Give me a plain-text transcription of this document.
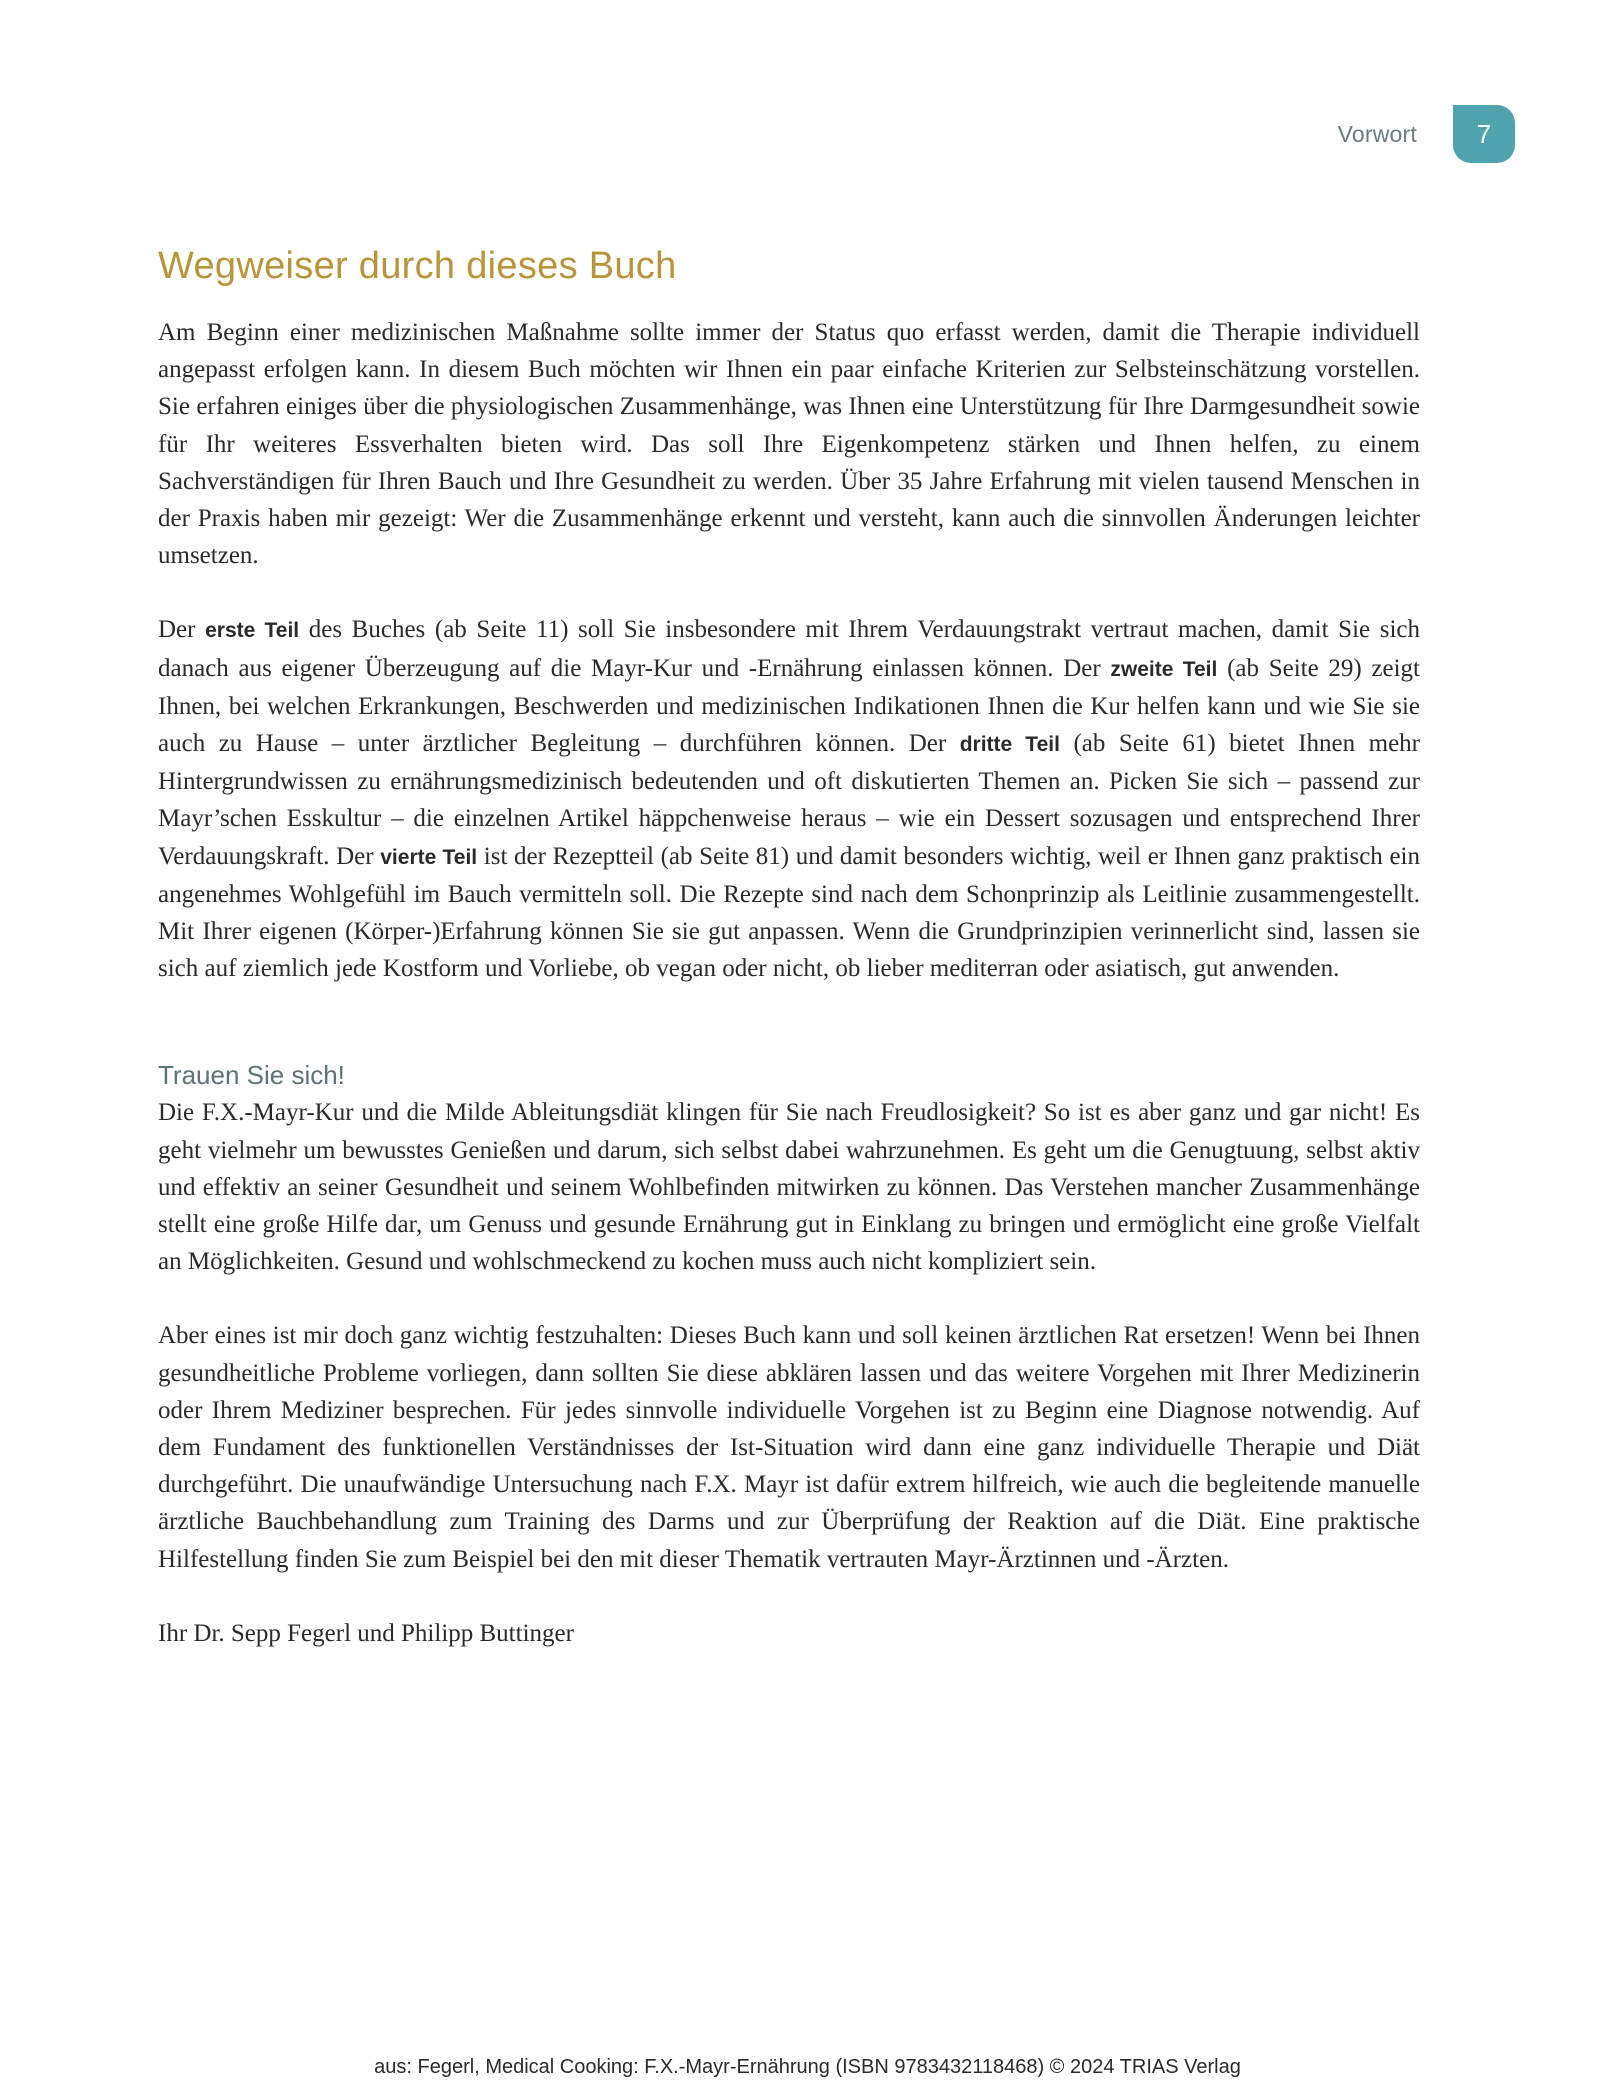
Vorwort	7
Wegweiser durch dieses Buch

Am Beginn einer medizinischen Maßnahme sollte immer der Status quo erfasst werden, damit die Therapie individuell angepasst erfolgen kann. In diesem Buch möchten wir Ihnen ein paar einfache Kriterien zur Selbsteinschätzung vorstellen. Sie erfahren einiges über die physiologischen Zusammenhänge, was Ihnen eine Unterstützung für Ihre Darmgesundheit sowie für Ihr weiteres Essverhalten bieten wird. Das soll Ihre Eigenkompetenz stärken und Ihnen helfen, zu einem Sachverständigen für Ihren Bauch und Ihre Gesundheit zu werden. Über 35 Jahre Erfahrung mit vielen tausend Menschen in der Praxis haben mir gezeigt: Wer die Zusammenhänge erkennt und versteht, kann auch die sinnvollen Änderungen leichter umsetzen.

Der erste Teil des Buches (ab Seite 11) soll Sie insbesondere mit Ihrem Verdauungstrakt vertraut machen, damit Sie sich danach aus eigener Überzeugung auf die Mayr-Kur und -Ernährung einlassen können. Der zweite Teil (ab Seite 29) zeigt Ihnen, bei welchen Erkrankungen, Beschwerden und medizinischen Indikationen Ihnen die Kur helfen kann und wie Sie sie auch zu Hause – unter ärztlicher Begleitung – durchführen können. Der dritte Teil (ab Seite 61) bietet Ihnen mehr Hintergrundwissen zu ernährungsmedizinisch bedeutenden und oft diskutierten Themen an. Picken Sie sich – passend zur Mayr’schen Esskultur – die einzelnen Artikel häppchenweise heraus – wie ein Dessert sozusagen und entsprechend Ihrer Verdauungskraft. Der vierte Teil ist der Rezeptteil (ab Seite 81) und damit besonders wichtig, weil er Ihnen ganz praktisch ein angenehmes Wohlgefühl im Bauch vermitteln soll. Die Rezepte sind nach dem Schonprinzip als Leitlinie zusammengestellt. Mit Ihrer eigenen (Körper-)Erfahrung können Sie sie gut anpassen. Wenn die Grundprinzipien verinnerlicht sind, lassen sie sich auf ziemlich jede Kostform und Vorliebe, ob vegan oder nicht, ob lieber mediterran oder asiatisch, gut anwenden.

Trauen Sie sich!

Die F.X.-Mayr-Kur und die Milde Ableitungsdiät klingen für Sie nach Freudlosigkeit? So ist es aber ganz und gar nicht! Es geht vielmehr um bewusstes Genießen und darum, sich selbst dabei wahrzunehmen. Es geht um die Genugtuung, selbst aktiv und effektiv an seiner Gesundheit und seinem Wohlbefinden mitwirken zu können. Das Verstehen mancher Zusammenhänge stellt eine große Hilfe dar, um Genuss und gesunde Ernährung gut in Einklang zu bringen und ermöglicht eine große Vielfalt an Möglichkeiten. Gesund und wohlschmeckend zu kochen muss auch nicht kompliziert sein.

Aber eines ist mir doch ganz wichtig festzuhalten: Dieses Buch kann und soll keinen ärztlichen Rat ersetzen! Wenn bei Ihnen gesundheitliche Probleme vorliegen, dann sollten Sie diese abklären lassen und das weitere Vorgehen mit Ihrer Medizinerin oder Ihrem Mediziner besprechen. Für jedes sinnvolle individuelle Vorgehen ist zu Beginn eine Diagnose notwendig. Auf dem Fundament des funktionellen Verständnisses der Ist-Situation wird dann eine ganz individuelle Therapie und Diät durchgeführt. Die unaufwändige Untersuchung nach F.X. Mayr ist dafür extrem hilfreich, wie auch die begleitende manuelle ärztliche Bauchbehandlung zum Training des Darms und zur Überprüfung der Reaktion auf die Diät. Eine praktische Hilfestellung finden Sie zum Beispiel bei den mit dieser Thematik vertrauten Mayr-Ärztinnen und -Ärzten.

Ihr Dr. Sepp Fegerl und Philipp Buttinger

aus: Fegerl, Medical Cooking: F.X.-Mayr-Ernährung (ISBN 9783432118468) © 2024 TRIAS Verlag
